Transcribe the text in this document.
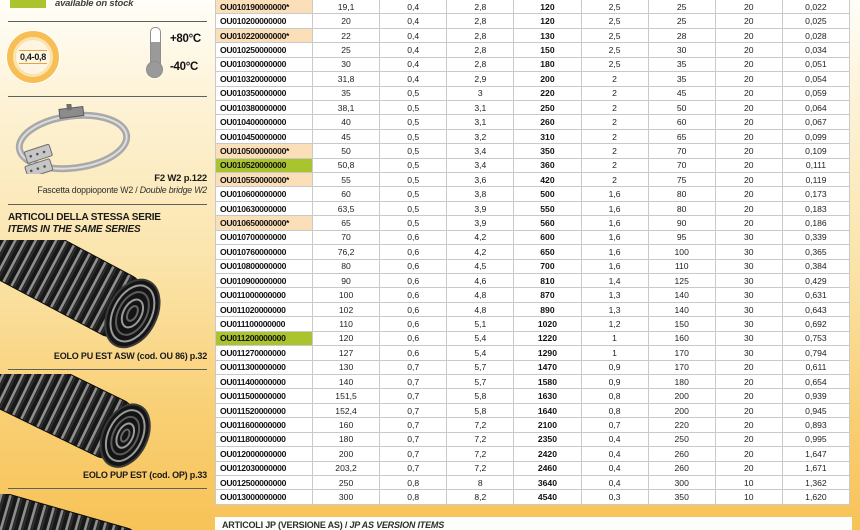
available on stock
0,4-0,8
+80°C
-40°C
F2 W2 p.122
Fascetta doppioponte W2 / Double bridge W2
ARTICOLI DELLA STESSA SERIE
ITEMS IN THE SAME SERIES
EOLO PU EST ASW (cod. OU 86) p.32
EOLO PUP EST (cod. OP) p.33
OU010190000000*	19,1	0,4	2,8	120	2,5	25	20	0,022
OU010200000000	20	0,4	2,8	120	2,5	25	20	0,025
OU010220000000*	22	0,4	2,8	130	2,5	28	20	0,028
OU010250000000	25	0,4	2,8	150	2,5	30	20	0,034
OU010300000000	30	0,4	2,8	180	2,5	35	20	0,051
OU010320000000	31,8	0,4	2,9	200	2	35	20	0,054
OU010350000000	35	0,5	3	220	2	45	20	0,059
OU010380000000	38,1	0,5	3,1	250	2	50	20	0,064
OU010400000000	40	0,5	3,1	260	2	60	20	0,067
OU010450000000	45	0,5	3,2	310	2	65	20	0,099
OU010500000000*	50	0,5	3,4	350	2	70	20	0,109
OU010520000000	50,8	0,5	3,4	360	2	70	20	0,111
OU010550000000*	55	0,5	3,6	420	2	75	20	0,119
OU010600000000	60	0,5	3,8	500	1,6	80	20	0,173
OU010630000000	63,5	0,5	3,9	550	1,6	80	20	0,183
OU010650000000*	65	0,5	3,9	560	1,6	90	20	0,186
OU010700000000	70	0,6	4,2	600	1,6	95	30	0,339
OU010760000000	76,2	0,6	4,2	650	1,6	100	30	0,365
OU010800000000	80	0,6	4,5	700	1,6	110	30	0,384
OU010900000000	90	0,6	4,6	810	1,4	125	30	0,429
OU011000000000	100	0,6	4,8	870	1,3	140	30	0,631
OU011020000000	102	0,6	4,8	890	1,3	140	30	0,643
OU011100000000	110	0,6	5,1	1020	1,2	150	30	0,692
OU011200000000	120	0,6	5,4	1220	1	160	30	0,753
OU011270000000	127	0,6	5,4	1290	1	170	30	0,794
OU011300000000	130	0,7	5,7	1470	0,9	170	20	0,611
OU011400000000	140	0,7	5,7	1580	0,9	180	20	0,654
OU011500000000	151,5	0,7	5,8	1630	0,8	200	20	0,939
OU011520000000	152,4	0,7	5,8	1640	0,8	200	20	0,945
OU011600000000	160	0,7	7,2	2100	0,7	220	20	0,893
OU011800000000	180	0,7	7,2	2350	0,4	250	20	0,995
OU012000000000	200	0,7	7,2	2420	0,4	260	20	1,647
OU012030000000	203,2	0,7	7,2	2460	0,4	260	20	1,671
OU012500000000	250	0,8	8	3640	0,4	300	10	1,362
OU013000000000	300	0,8	8,2	4540	0,3	350	10	1,620
ARTICOLI JP (VERSIONE AS) / JP AS VERSION ITEMS
